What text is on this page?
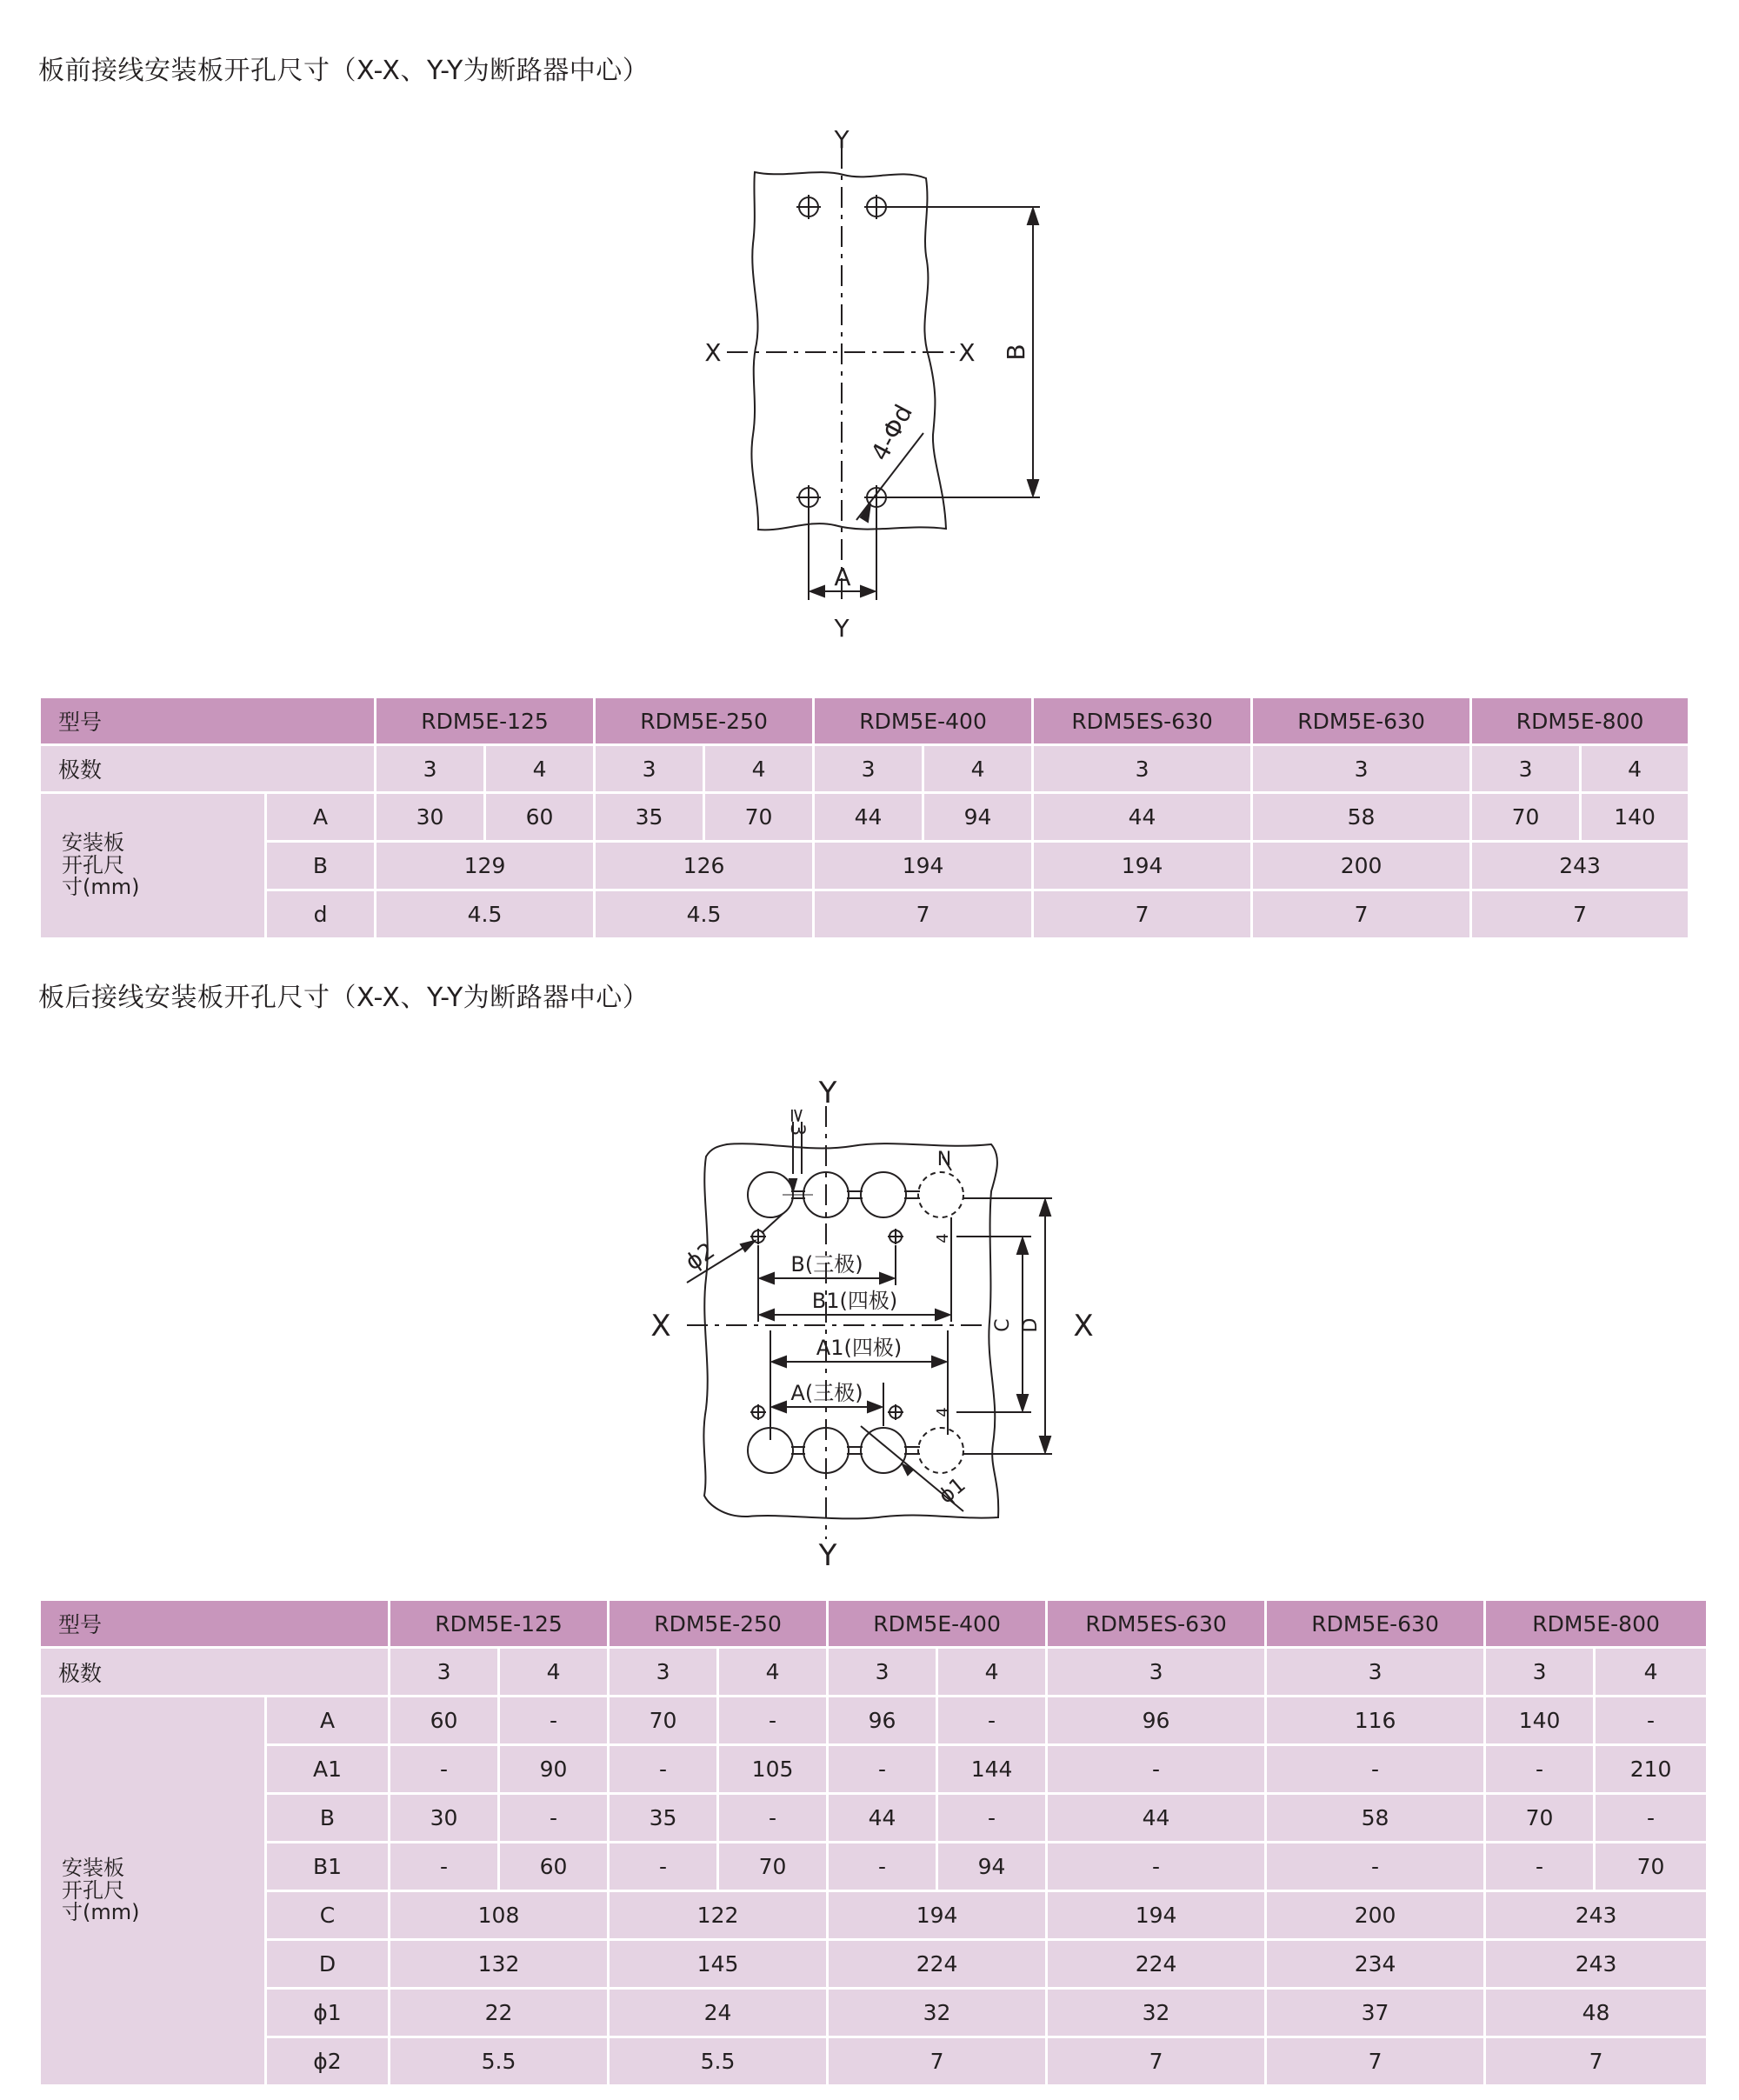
板前接线安装板开孔尺寸（X-X、Y-Y为断路器中心）
Y
Y
X	X B
A
4-Φd
型号		RDM5E-125		RDM5E-250		RDM5E-400		RDM5ES-630	RDM5E-630	RDM5E-800	
极数		3	4	3	4	3	4	3	3	3	4

安装板
开孔尺
寸(mm)	A	30	60	35	70	44	94	44	58	70	140
	B	129		126		194		194	200	243	
	d	4.5		4.5		7		7	7	7	
板后接线安装板开孔尺寸（X-X、Y-Y为断路器中心）
Y
Y
X	X
≥3
N
ϕ2
ϕ1
B(三极)
B1(四极)
A1(四极)
A(三极)
C D
4
4
型号		RDM5E-125		RDM5E-250		RDM5E-400		RDM5ES-630	RDM5E-630	RDM5E-800	
极数		3	4	3	4	3	4	3	3	3	4

安装板
开孔尺
寸(mm)	A	60	-	70	-	96	-	96	116	140	-
	A1	-	90	-	105	-	144	-	-	-	210
	B	30	-	35	-	44	-	44	58	70	-
	B1	-	60	-	70	-	94	-	-	-	70
	C	108		122		194		194	200	243	
	D	132		145		224		224	234	243	
	ϕ1	22		24		32		32	37	48	
	ϕ2	5.5		5.5		7		7	7	7	
